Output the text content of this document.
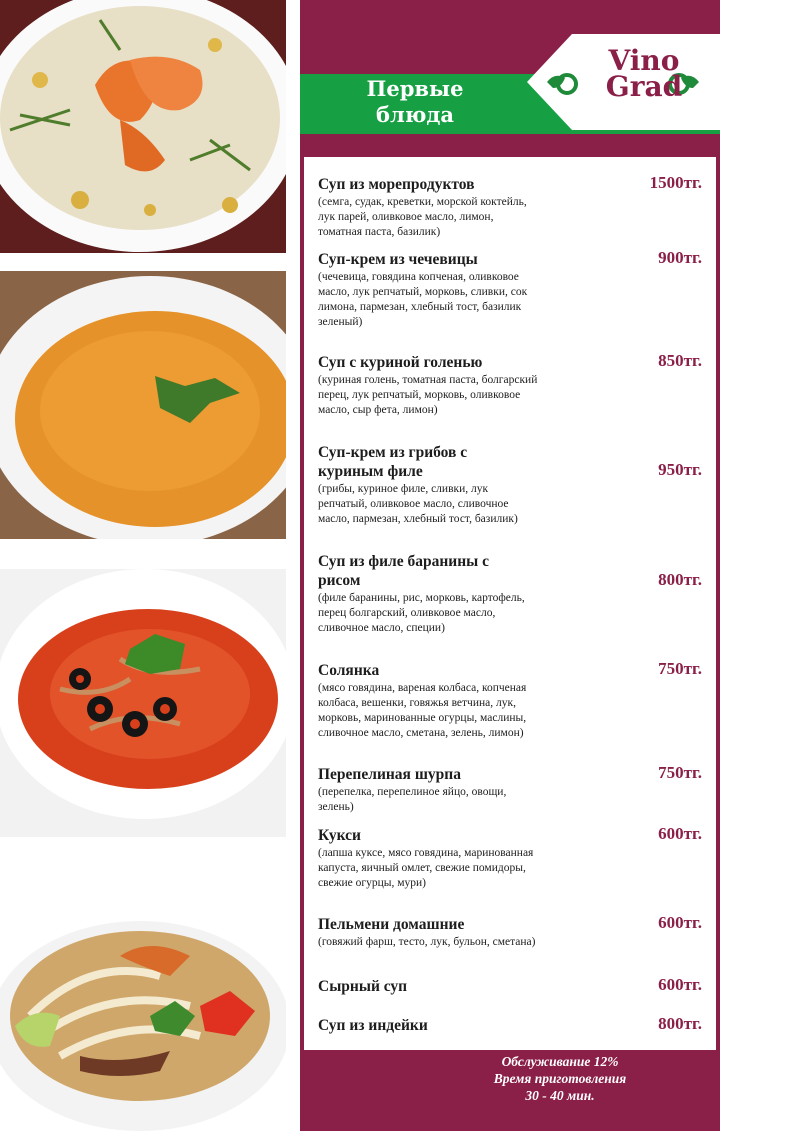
Первые блюда
Vino
Grad
Суп из морепродуктов	1500тг.
(семга, судак, креветки, морской коктейль, лук парей, оливковое масло, лимон, томатная паста, базилик)
Суп-крем из чечевицы	900тг.
(чечевица, говядина копченая, оливковое масло, лук репчатый, морковь, сливки, сок лимона, пармезан, хлебный тост, базилик зеленый)
Суп с куриной голенью	850тг.
(куриная голень, томатная паста, болгарский перец, лук репчатый, морковь, оливковое масло, сыр фета, лимон)
Суп-крем из грибов с куриным филе	950тг.
(грибы, куриное филе, сливки, лук репчатый, оливковое масло, сливочное масло, пармезан, хлебный тост, базилик)
Суп из филе баранины с рисом	800тг.
(филе баранины, рис, морковь, картофель, перец болгарский, оливковое масло, сливочное масло, специи)
Солянка	750тг.
(мясо говядина, вареная колбаса, копченая колбаса, вешенки, говяжья ветчина, лук, морковь, маринованные огурцы, маслины, сливочное масло, сметана, зелень, лимон)
Перепелиная шурпа	750тг.
(перепелка, перепелиное яйцо, овощи, зелень)
Кукси	600тг.
(лапша куксе, мясо говядина, маринованная капуста, яичный омлет, свежие помидоры, свежие огурцы, мури)
Пельмени домашние	600тг.
(говяжий фарш, тесто, лук, бульон, сметана)
Сырный суп	600тг.
Суп из индейки	800тг.
Обслуживание 12%
Время приготовления
30 - 40 мин.
